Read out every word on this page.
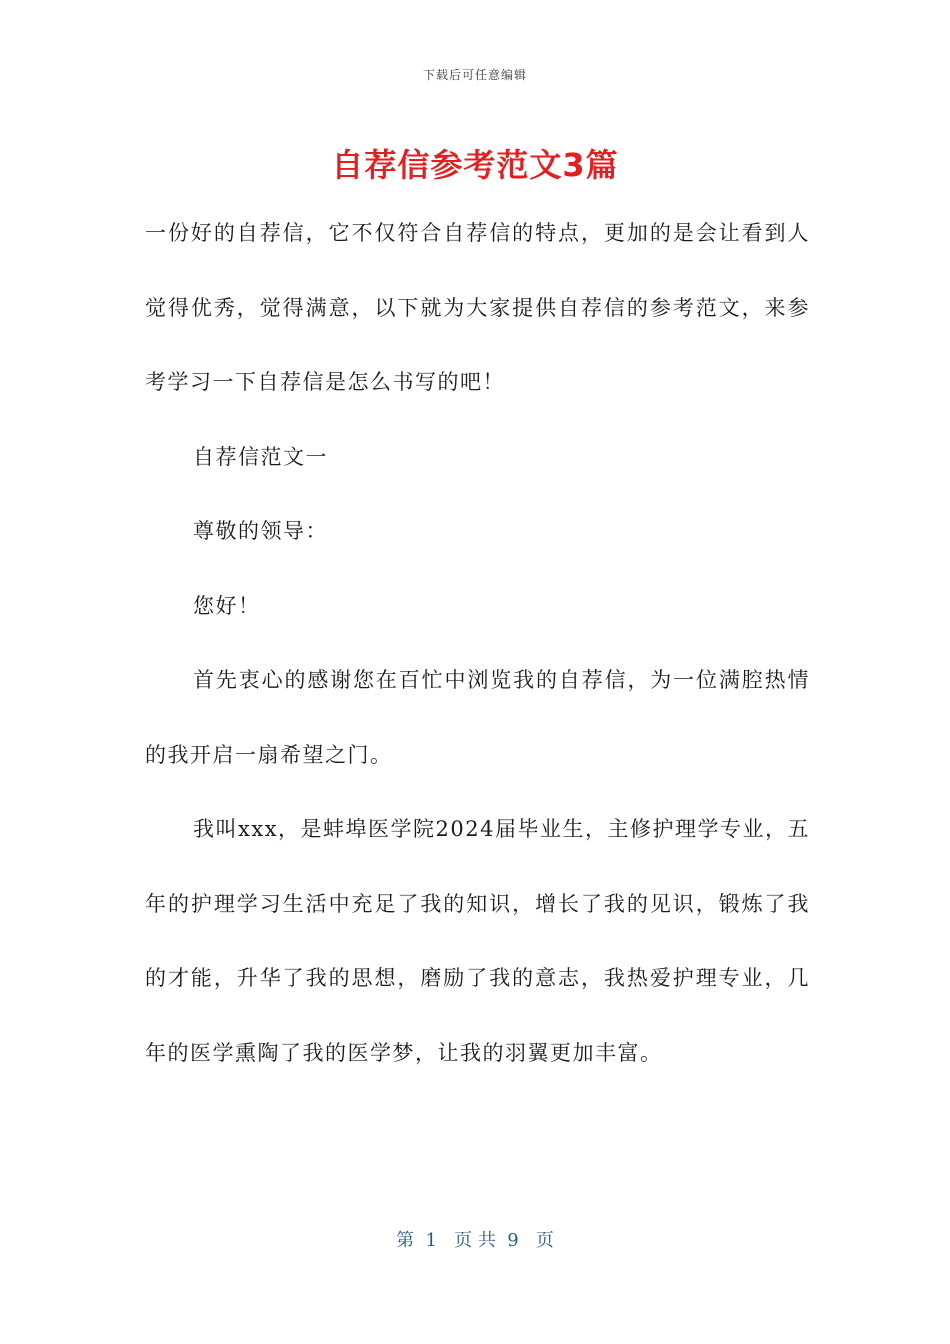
下载后可任意编辑
自荐信参考范文3篇

一份好的自荐信，它不仅符合自荐信的特点，更加的是会让看到人觉得优秀，觉得满意，以下就为大家提供自荐信的参考范文，来参考学习一下自荐信是怎么书写的吧！

自荐信范文一

尊敬的领导：

您好！

首先衷心的感谢您在百忙中浏览我的自荐信，为一位满腔热情的我开启一扇希望之门。

我叫xxx，是蚌埠医学院2024届毕业生，主修护理学专业，五年的护理学习生活中充足了我的知识，增长了我的见识，锻炼了我的才能，升华了我的思想，磨励了我的意志，我热爱护理专业，几年的医学熏陶了我的医学梦，让我的羽翼更加丰富。

第  1   页 共  9   页
